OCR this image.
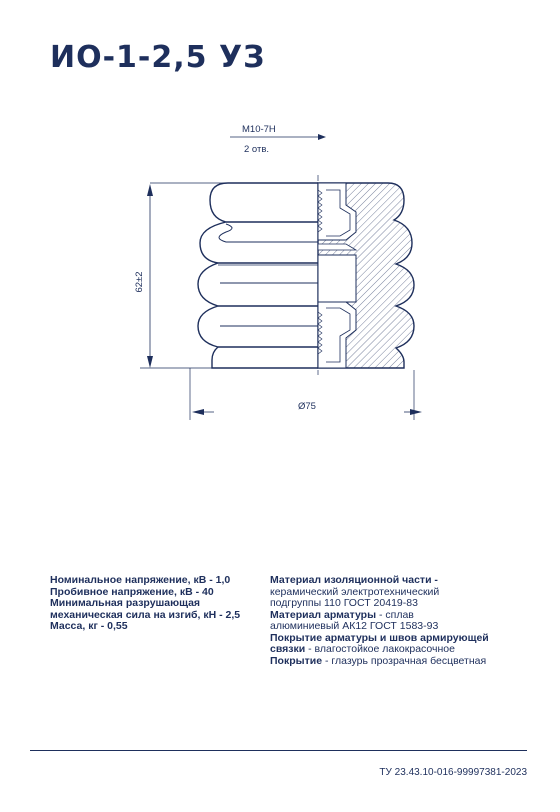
ИО-1-2,5 УЗ
M10-7H
2 отв.
62±2
Ø75
Номинальное напряжение, кВ - 1,0
Пробивное напряжение, кВ - 40
Минимальная разрушающая
механическая сила на изгиб, кН - 2,5
Масса, кг - 0,55
Материал изоляционной части -
керамический электротехнический
подгруппы 110 ГОСТ 20419-83
Материал арматуры - сплав
алюминиевый АК12 ГОСТ 1583-93
Покрытие арматуры и швов армирующей
связки - влагостойкое лакокрасочное
Покрытие - глазурь прозрачная бесцветная
ТУ 23.43.10-016-99997381-2023
